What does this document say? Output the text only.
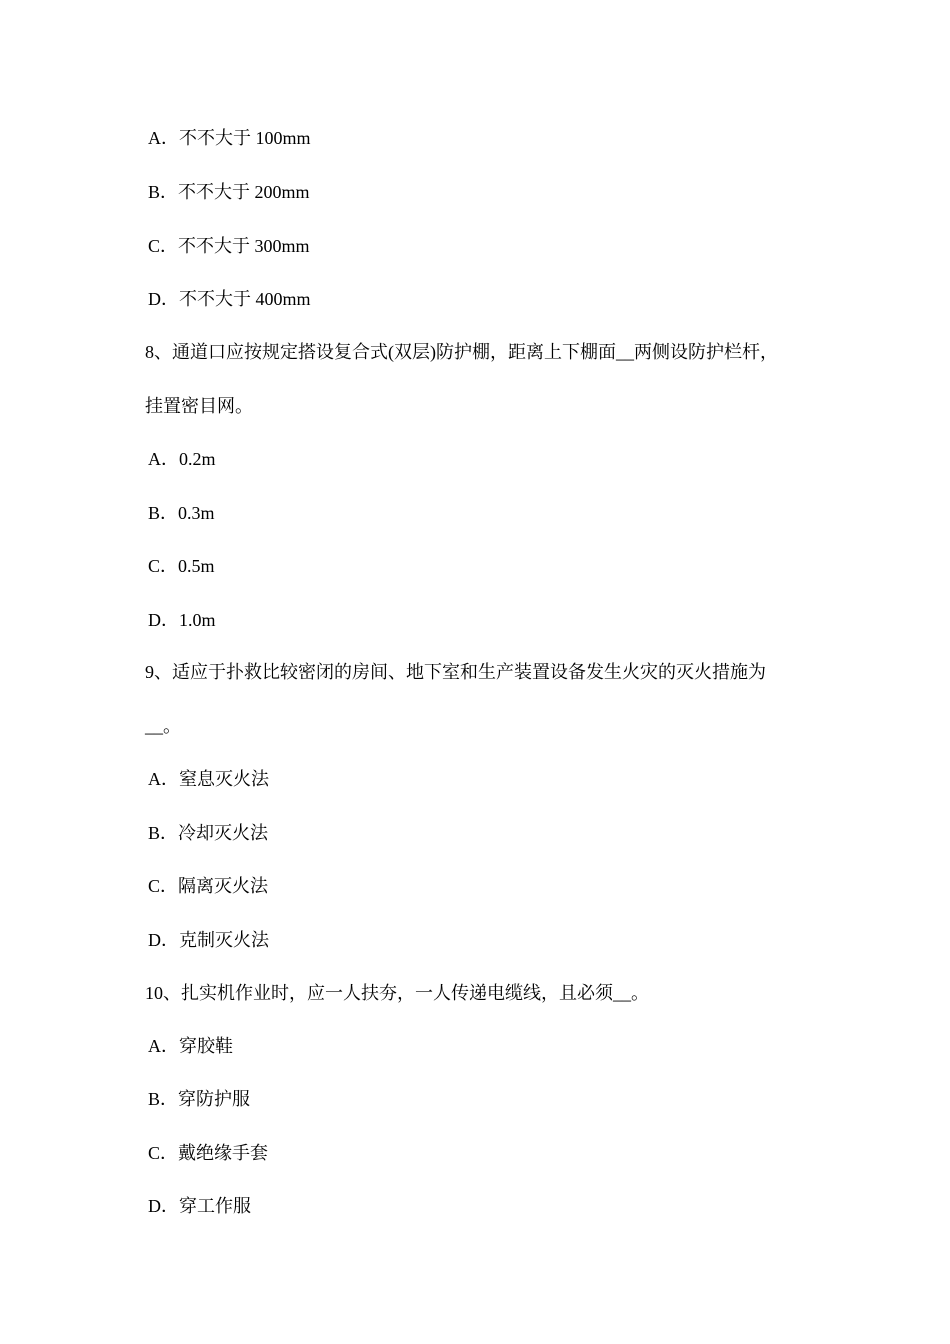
A．不不大于 100mm
B．不不大于 200mm
C．不不大于 300mm
D．不不大于 400mm
8、通道口应按规定搭设复合式(双层)防护棚，距离上下棚面__两侧设防护栏杆，
挂置密目网。
A．0.2m
B．0.3m
C．0.5m
D．1.0m
9、适应于扑救比较密闭的房间、地下室和生产装置设备发生火灾的灭火措施为
__。
A．窒息灭火法
B．冷却灭火法
C．隔离灭火法
D．克制灭火法
10、扎实机作业时，应一人扶夯，一人传递电缆线，且必须__。
A．穿胶鞋
B．穿防护服
C．戴绝缘手套
D．穿工作服
